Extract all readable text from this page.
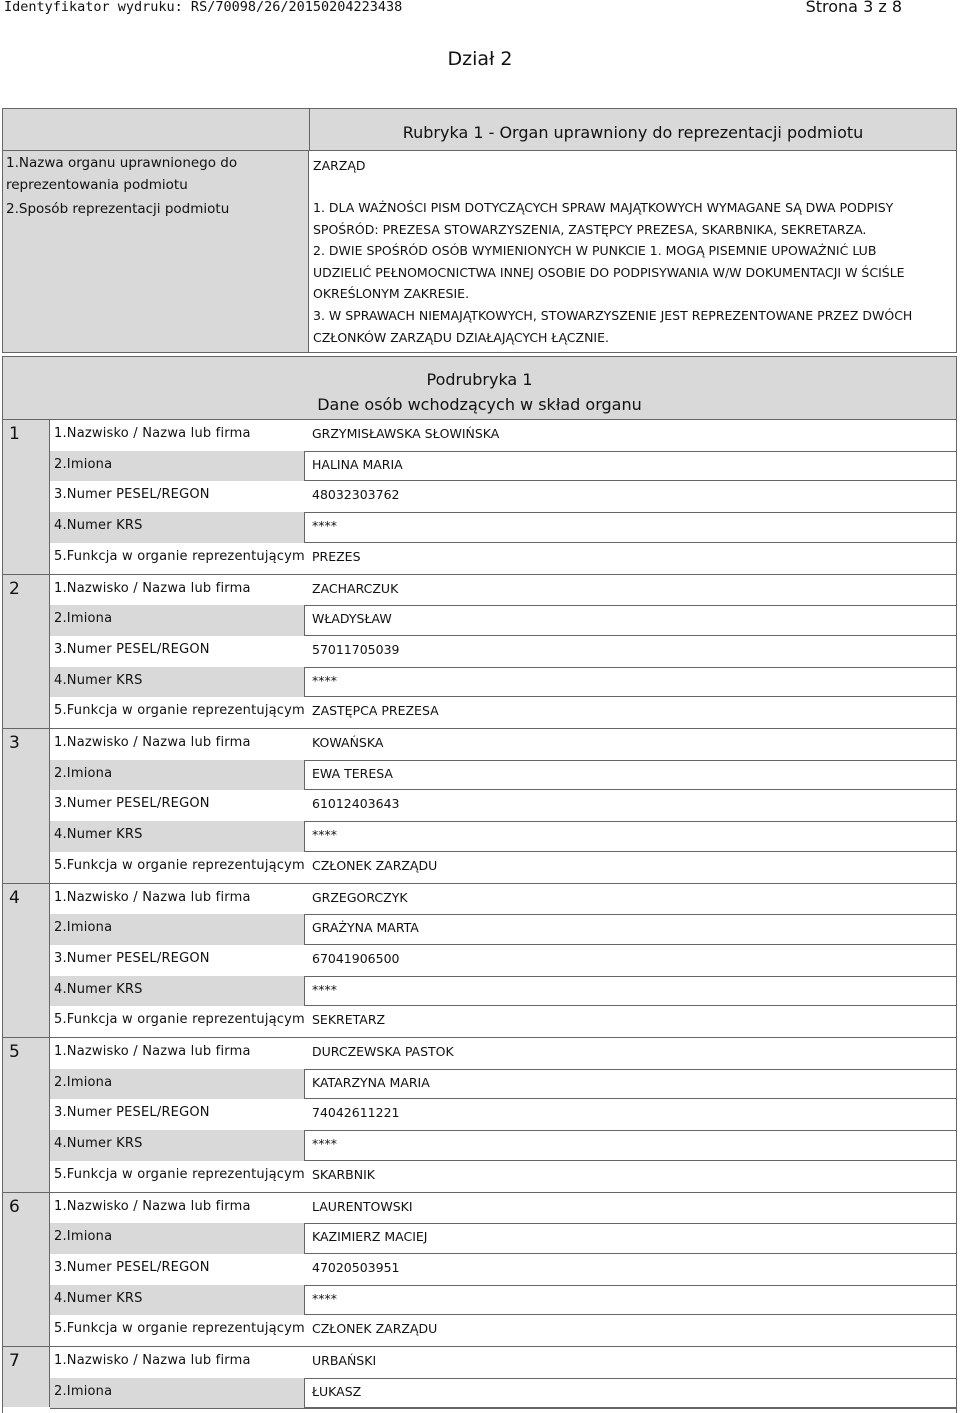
Identyfikator wydruku: RS/70098/26/20150204223438	Strona 3 z 8
Dział 2
Rubryka 1 - Organ uprawniony do reprezentacji podmiotu
1.Nazwa organu uprawnionego do reprezentowania podmiotu
ZARZĄD
2.Sposób reprezentacji podmiotu	1. DLA WAŻNOŚCI PISM DOTYCZĄCYCH SPRAW MAJĄTKOWYCH WYMAGANE SĄ DWA PODPISY
SPOŚRÓD: PREZESA STOWARZYSZENIA, ZASTĘPCY PREZESA, SKARBNIKA, SEKRETARZA.
2. DWIE SPOŚRÓD OSÓB WYMIENIONYCH W PUNKCIE 1. MOGĄ PISEMNIE UPOWAŻNIĆ LUB
UDZIELIĆ PEŁNOMOCNICTWA INNEJ OSOBIE DO PODPISYWANIA W/W DOKUMENTACJI W ŚCIŚLE
OKREŚLONYM ZAKRESIE.
3. W SPRAWACH NIEMAJĄTKOWYCH, STOWARZYSZENIE JEST REPREZENTOWANE PRZEZ DWÓCH
CZŁONKÓW ZARZĄDU DZIAŁAJĄCYCH ŁĄCZNIE.
Podrubryka 1
Dane osób wchodzących w skład organu
1	1.Nazwisko / Nazwa lub firma	GRZYMISŁAWSKA SŁOWIŃSKA
2.Imiona	HALINA MARIA
3.Numer PESEL/REGON	48032303762
4.Numer KRS	****
5.Funkcja w organie reprezentującym PREZES
2	1.Nazwisko / Nazwa lub firma	ZACHARCZUK
2.Imiona	WŁADYSŁAW
3.Numer PESEL/REGON	57011705039
4.Numer KRS	****
5.Funkcja w organie reprezentującym ZASTĘPCA PREZESA
3	1.Nazwisko / Nazwa lub firma	KOWAŃSKA
2.Imiona	EWA TERESA
3.Numer PESEL/REGON	61012403643
4.Numer KRS	****
5.Funkcja w organie reprezentującym CZŁONEK ZARZĄDU
4	1.Nazwisko / Nazwa lub firma	GRZEGORCZYK
2.Imiona	GRAŻYNA MARTA
3.Numer PESEL/REGON	67041906500
4.Numer KRS	****
5.Funkcja w organie reprezentującym SEKRETARZ
5	1.Nazwisko / Nazwa lub firma	DURCZEWSKA PASTOK
2.Imiona	KATARZYNA MARIA
3.Numer PESEL/REGON	74042611221
4.Numer KRS	****
5.Funkcja w organie reprezentującym SKARBNIK
6	1.Nazwisko / Nazwa lub firma	LAURENTOWSKI
2.Imiona	KAZIMIERZ MACIEJ
3.Numer PESEL/REGON	47020503951
4.Numer KRS	****
5.Funkcja w organie reprezentującym CZŁONEK ZARZĄDU
7	1.Nazwisko / Nazwa lub firma	URBAŃSKI
2.Imiona	ŁUKASZ
